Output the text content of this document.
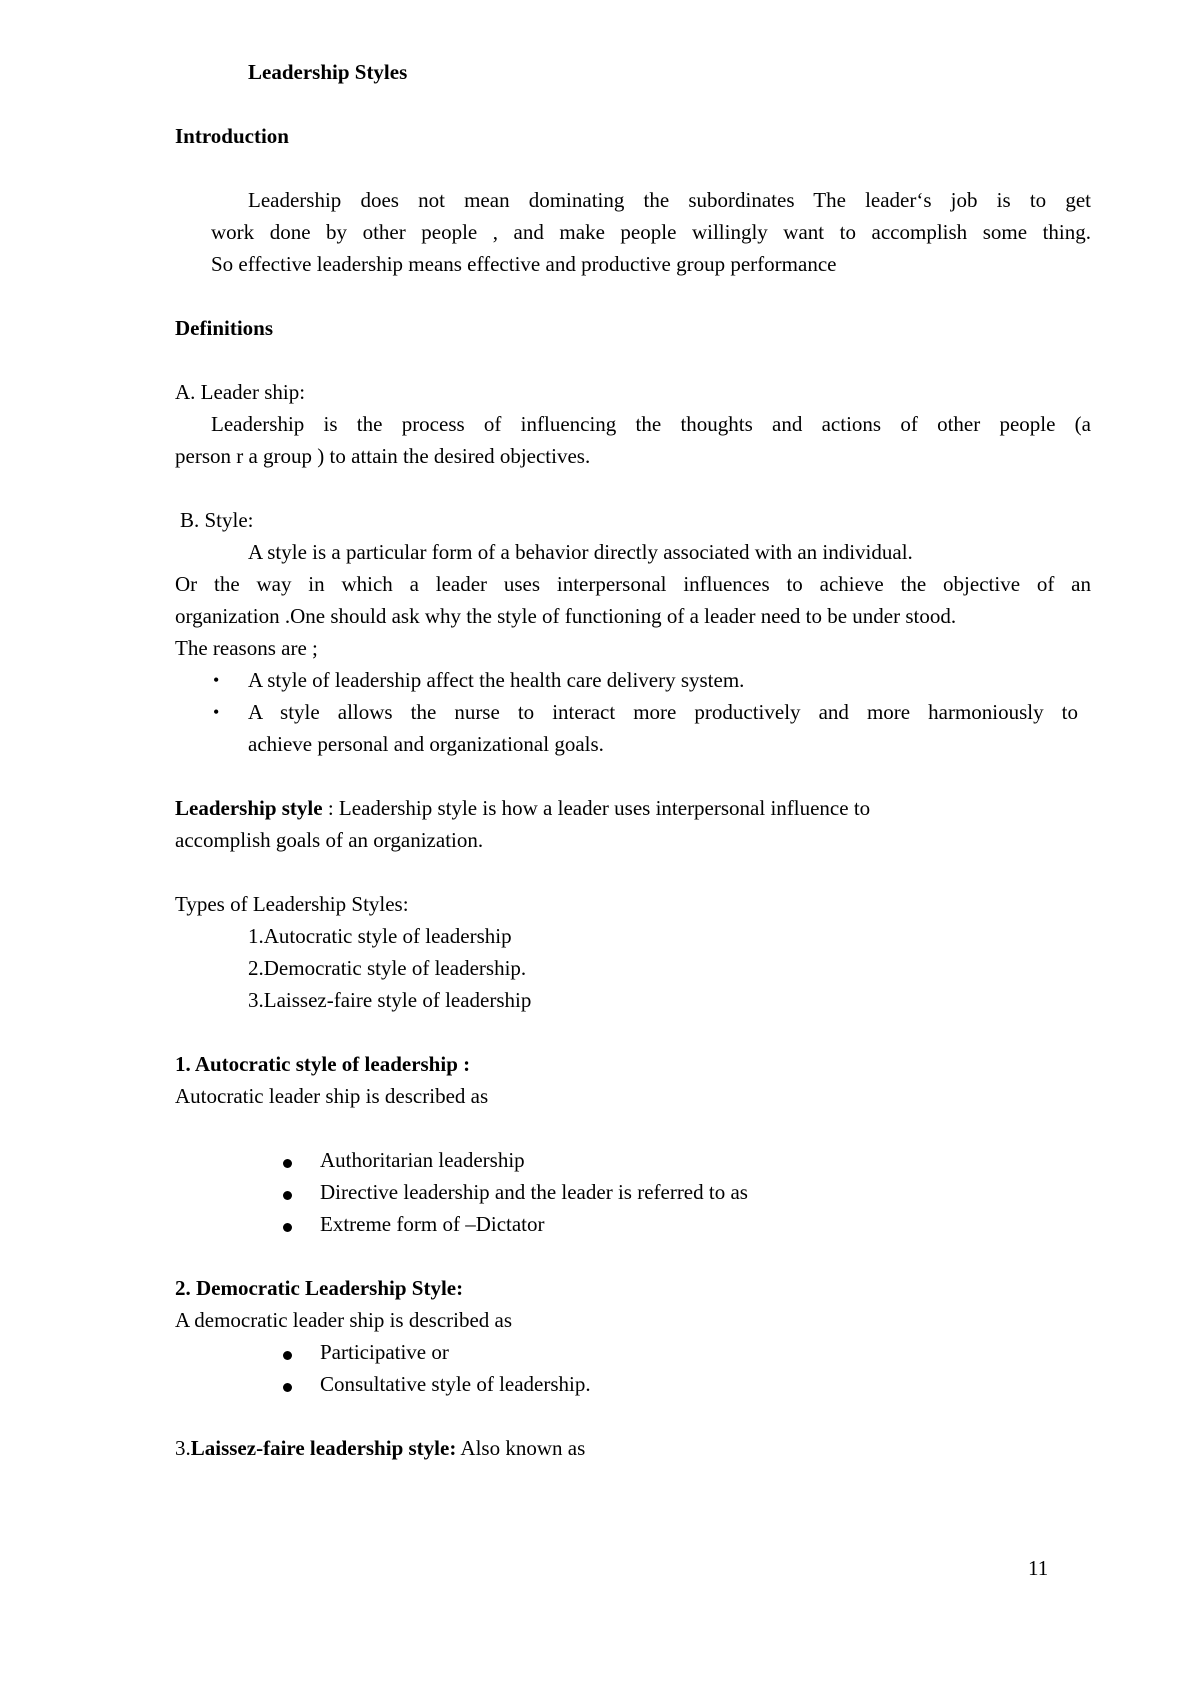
Leadership Styles
Introduction
Leadership does not mean dominating the subordinates The leader‘s job is to get
work done by other people , and make people willingly want to accomplish some thing.
So effective leadership means effective and productive group performance
Definitions
A. Leader ship:
Leadership is the process of influencing the thoughts and actions of other people (a
person r a group ) to attain the desired objectives.
B. Style:
A style is a particular form of a behavior directly associated with an individual.
Or the way in which a leader uses interpersonal influences to achieve the objective of an
organization .One should ask why the style of functioning of a leader need to be under stood.
The reasons are ;
• A style of leadership affect the health care delivery system.
• A style allows the nurse to interact more productively and more harmoniously to
achieve personal and organizational goals.
Leadership style : Leadership style is how a leader uses interpersonal influence to
accomplish goals of an organization.
Types of Leadership Styles:
1.Autocratic style of leadership
2.Democratic style of leadership.
3.Laissez-faire style of leadership
1. Autocratic style of leadership :
Autocratic leader ship is described as
Authoritarian leadership
Directive leadership and the leader is referred to as
Extreme form of –Dictator
2. Democratic Leadership Style:
A democratic leader ship is described as
Participative or
Consultative style of leadership.
3.Laissez-faire leadership style: Also known as
11
